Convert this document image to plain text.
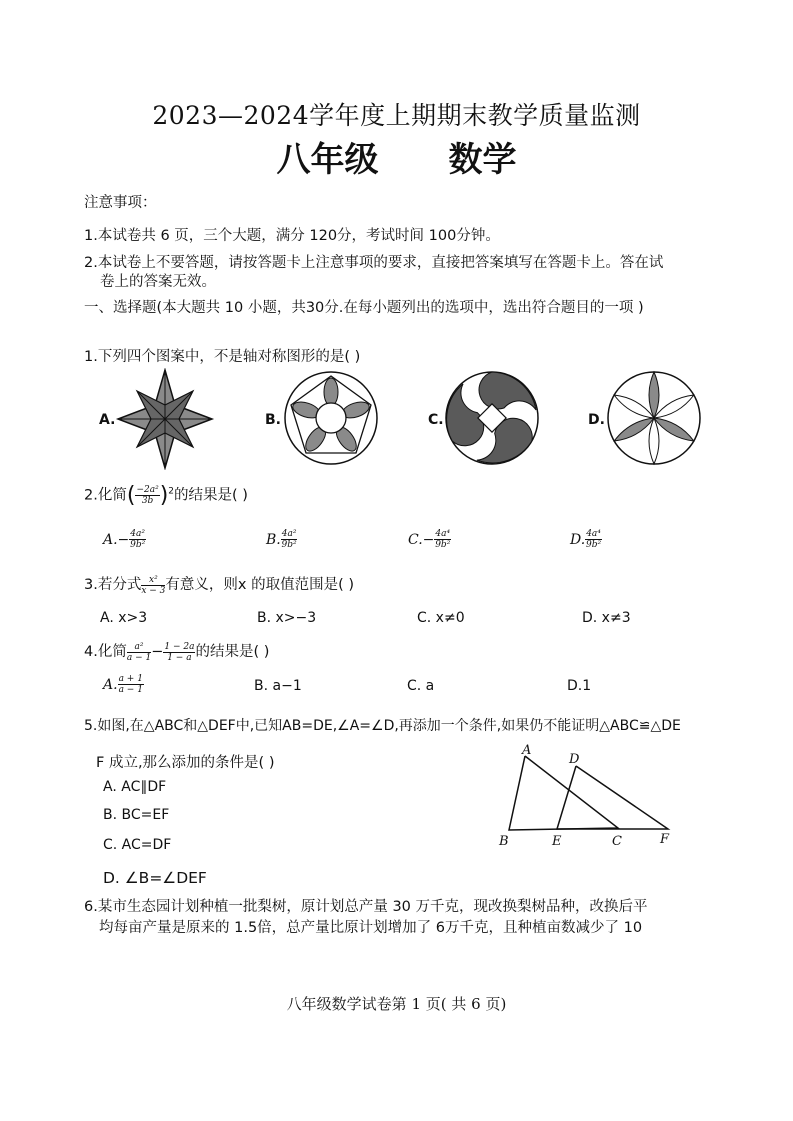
2023—2024学年度上期期末教学质量监测
八年级 数学
注意事项：
1.本试卷共 6 页，三个大题，满分 120分，考试时间 100分钟。
2.本试卷上不要答题，请按答题卡上注意事项的要求，直接把答案填写在答题卡上。答在试
卷上的答案无效。
一、选择题(本大题共 10 小题，共30分.在每小题列出的选项中，选出符合题目的一项 )
1.下列四个图案中，不是轴对称图形的是( )
A.	B.	C.	D.
2.化简( $\frac{\text{−2a²}}{3b} )^2$的结果是( )
$A.- \frac{\text{4a²}}{\text{9b²}}$	B. $\frac{\text{4a²}}{\text{9b²}}$	$C.- \frac{\text{4a⁴}}{\text{9b²}}$	D. $\frac{\text{4a⁴}}{\text{9b²}}$
3.若分式 $\frac{\text{x²}}{x - 3}$ 有意义，则x 的取值范围是( )
A. x>3	B. x>−3	C. x≠0	D. x≠3
4.化简 $\frac{\text{a²}}{a - 1} - \frac{1 - 2a}{1 - a}$ 的结果是( )
A. $\frac{a + 1}{a - 1}$	B. a−1	C. a	D.1
5.如图,在△ABC和△DEF中,已知AB=DE,∠A=∠D,再添加一个条件,如果仍不能证明△ABC≌△DE
F 成立,那么添加的条件是( )
A. AC∥DF
B. BC=EF
C. AC=DF
D. ∠B=∠DEF
A
D
B	E	C	F
6.某市生态园计划种植一批梨树，原计划总产量 30 万千克，现改换梨树品种，改换后平
均每亩产量是原来的 1.5倍，总产量比原计划增加了 6万千克，且种植亩数减少了 10
八年级数学试卷第 1 页( 共 6 页)
